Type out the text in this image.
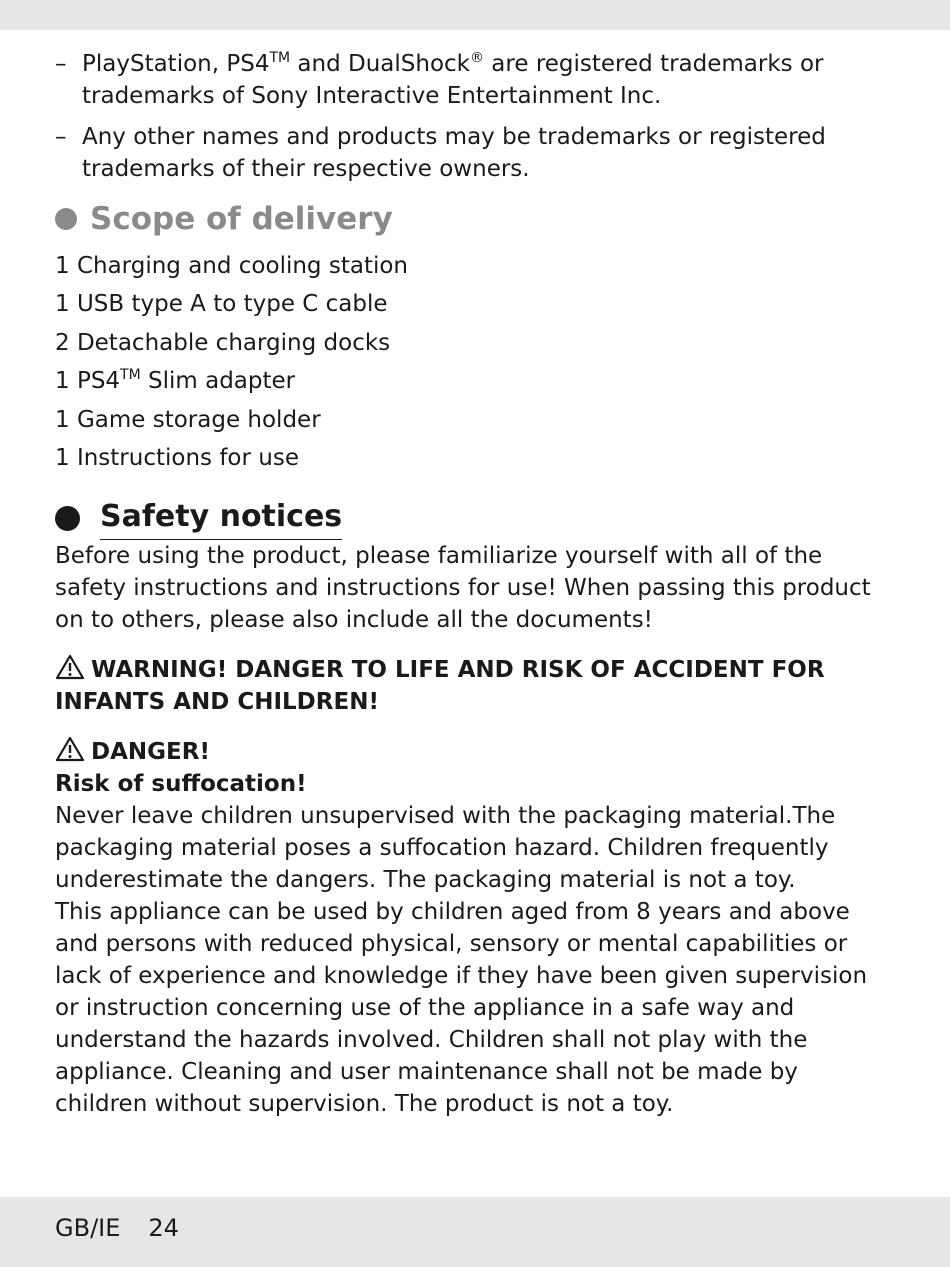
– PlayStation, PS4™ and DualShock® are registered trademarks or trademarks of Sony Interactive Entertainment Inc.
– Any other names and products may be trademarks or registered trademarks of their respective owners.
Scope of delivery
1 Charging and cooling station
1 USB type A to type C cable
2 Detachable charging docks
1 PS4™ Slim adapter
1 Game storage holder
1 Instructions for use
Safety notices

Before using the product, please familiarize yourself with all of the safety instructions and instructions for use! When passing this product on to others, please also include all the documents!

WARNING! DANGER TO LIFE AND RISK OF ACCIDENT FOR INFANTS AND CHILDREN!
DANGER!
Risk of suffocation!

Never leave children unsupervised with the packaging material.The packaging material poses a suffocation hazard. Children frequently underestimate the dangers. The packaging material is not a toy.

This appliance can be used by children aged from 8 years and above and persons with reduced physical, sensory or mental capabilities or lack of experience and knowledge if they have been given supervision or instruction concerning use of the appliance in a safe way and understand the hazards involved. Children shall not play with the appliance. Cleaning and user maintenance shall not be made by children without supervision. The product is not a toy.

GB/IE 24
